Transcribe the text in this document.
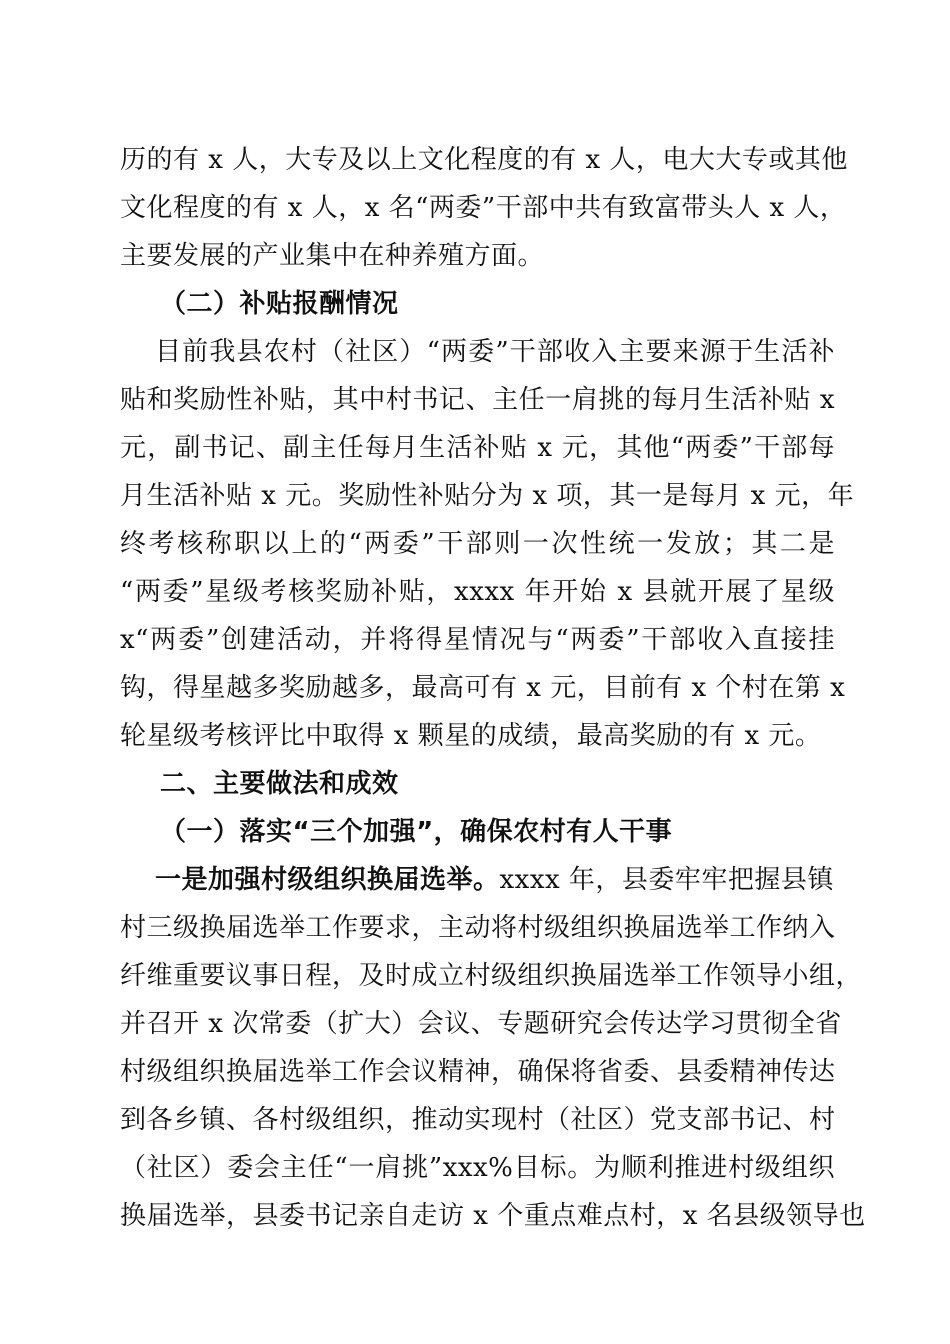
历的有 x 人，大专及以上文化程度的有 x 人，电大大专或其他
文化程度的有 x 人，x 名“两委”干部中共有致富带头人 x 人，
主要发展的产业集中在种养殖方面。
（二）补贴报酬情况
目前我县农村（社区）“两委”干部收入主要来源于生活补
贴和奖励性补贴，其中村书记、主任一肩挑的每月生活补贴 x
元，副书记、副主任每月生活补贴 x 元，其他“两委”干部每
月生活补贴 x 元。奖励性补贴分为 x 项，其一是每月 x 元，年
终考核称职以上的“两委”干部则一次性统一发放；其二是
“两委”星级考核奖励补贴，xxxx 年开始 x 县就开展了星级
x“两委”创建活动，并将得星情况与“两委”干部收入直接挂
钩，得星越多奖励越多，最高可有 x 元，目前有 x 个村在第 x
轮星级考核评比中取得 x 颗星的成绩，最高奖励的有 x 元。
二、主要做法和成效
（一）落实“三个加强”，确保农村有人干事
一是加强村级组织换届选举。xxxx 年，县委牢牢把握县镇
村三级换届选举工作要求，主动将村级组织换届选举工作纳入
纤维重要议事日程，及时成立村级组织换届选举工作领导小组，
并召开 x 次常委（扩大）会议、专题研究会传达学习贯彻全省
村级组织换届选举工作会议精神，确保将省委、县委精神传达
到各乡镇、各村级组织，推动实现村（社区）党支部书记、村
（社区）委会主任“一肩挑”xxx%目标。为顺利推进村级组织
换届选举，县委书记亲自走访 x 个重点难点村，x 名县级领导也
